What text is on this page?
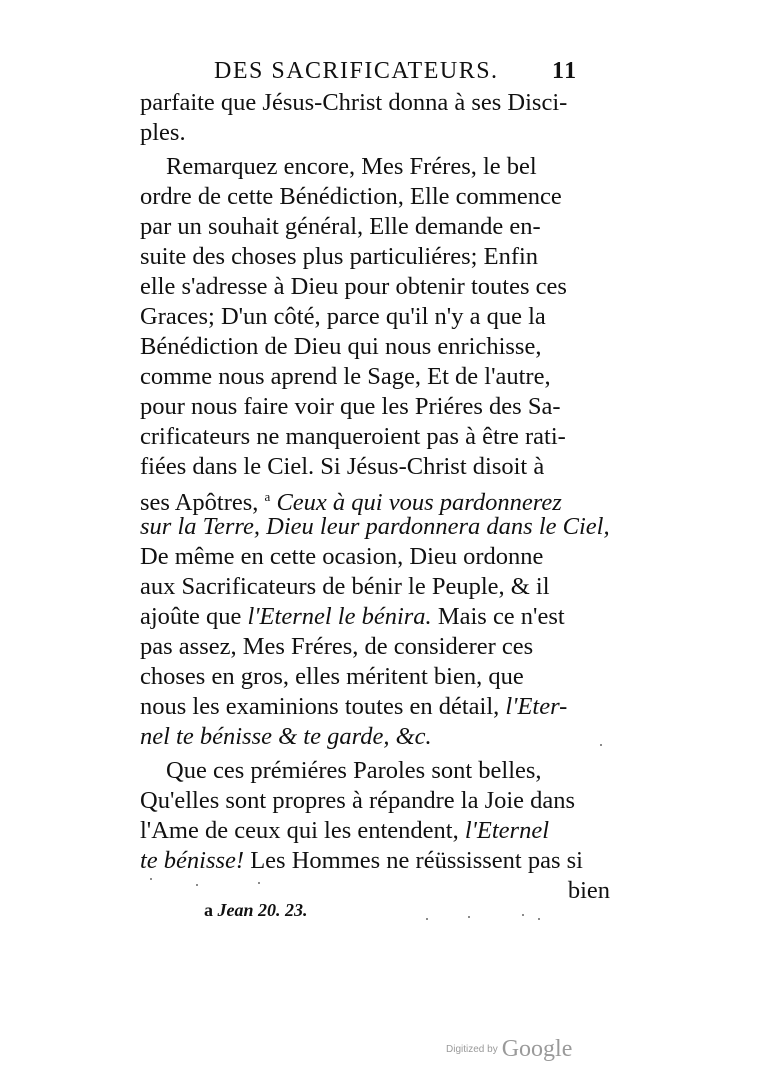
DES SACRIFICATEURS. 11
parfaite que Jésus-Christ donna à ses Disci-
ples.
Remarquez encore, Mes Fréres, le bel
ordre de cette Bénédiction, Elle commence
par un souhait général, Elle demande en-
suite des choses plus particuliéres; Enfin
elle s'adresse à Dieu pour obtenir toutes ces
Graces; D'un côté, parce qu'il n'y a que la
Bénédiction de Dieu qui nous enrichisse,
comme nous aprend le Sage, Et de l'autre,
pour nous faire voir que les Priéres des Sa-
crificateurs ne manqueroient pas à être rati-
fiées dans le Ciel. Si Jésus-Christ disoit à
ses Apôtres, $^a$ Ceux à qui vous pardonnerez
sur la Terre, Dieu leur pardonnera dans le Ciel,
De même en cette ocasion, Dieu ordonne
aux Sacrificateurs de bénir le Peuple, & il
ajoûte que l'Eternel le bénira. Mais ce n'est
pas assez, Mes Fréres, de considerer ces
choses en gros, elles méritent bien, que
nous les examinions toutes en détail, l'Eter-
nel te bénisse & te garde, &c.
Que ces prémiéres Paroles sont belles,
Qu'elles sont propres à répandre la Joie dans
l'Ame de ceux qui les entendent, l'Eternel
te bénisse! Les Hommes ne réüssissent pas si
bien
a Jean 20. 23.
Digitized by Google
